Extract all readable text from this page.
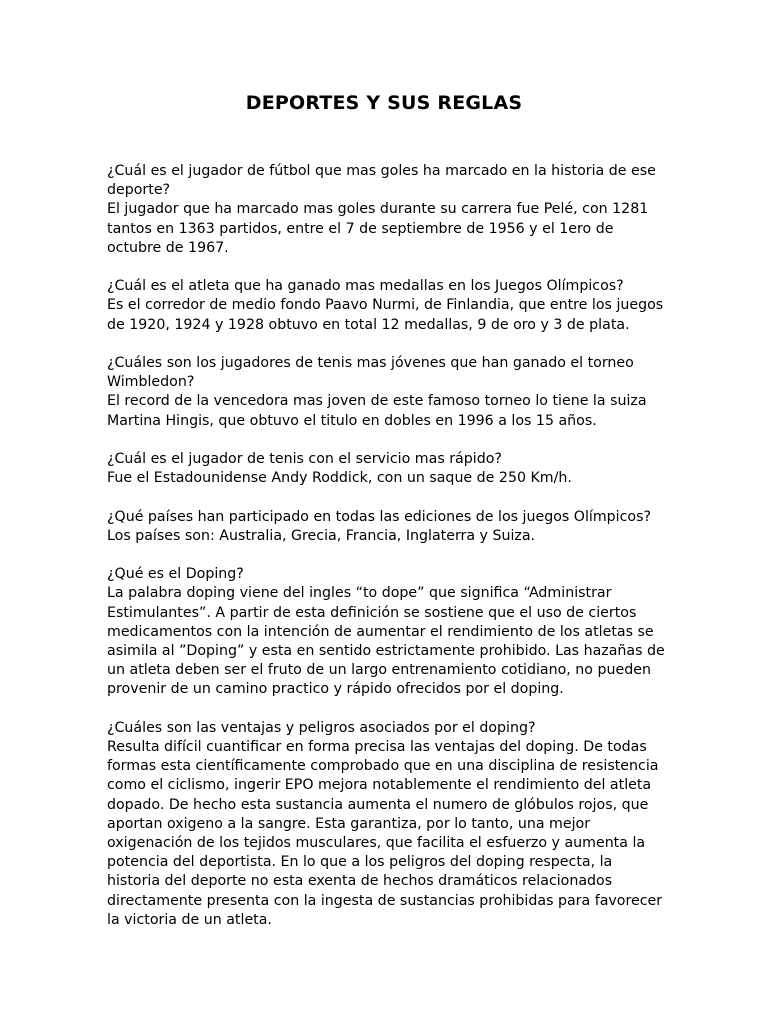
DEPORTES Y SUS REGLAS

¿Cuál es el jugador de fútbol que mas goles ha marcado en la historia de ese deporte?

El jugador que ha marcado mas goles durante su carrera fue Pelé, con 1281 tantos en 1363 partidos, entre el 7 de septiembre de 1956 y el 1ero de octubre de 1967.

¿Cuál es el atleta que ha ganado mas medallas en los Juegos Olímpicos?

Es el corredor de medio fondo Paavo Nurmi, de Finlandia, que entre los juegos de 1920, 1924 y 1928 obtuvo en total 12 medallas, 9 de oro y 3 de plata.

¿Cuáles son los jugadores de tenis mas jóvenes que han ganado el torneo Wimbledon?

El record de la vencedora mas joven de este famoso torneo lo tiene la suiza Martina Hingis, que obtuvo el titulo en dobles en 1996 a los 15 años.

¿Cuál es el jugador de tenis con el servicio mas rápido?

Fue el Estadounidense Andy Roddick, con un saque de 250 Km/h.

¿Qué países han participado en todas las ediciones de los juegos Olímpicos?

Los países son: Australia, Grecia, Francia, Inglaterra y Suiza.

¿Qué es el Doping?

La palabra doping viene del ingles “to dope” que significa “Administrar Estimulantes”. A partir de esta definición se sostiene que el uso de ciertos medicamentos con la intención de aumentar el rendimiento de los atletas se asimila al ”Doping” y esta en sentido estrictamente prohibido. Las hazañas de un atleta deben ser el fruto de un largo entrenamiento cotidiano, no pueden provenir de un camino practico y rápido ofrecidos por el doping.

¿Cuáles son las ventajas y peligros asociados por el doping?

Resulta difícil cuantificar en forma precisa las ventajas del doping. De todas formas esta científicamente comprobado que en una disciplina de resistencia como el ciclismo, ingerir EPO mejora notablemente el rendimiento del atleta dopado. De hecho esta sustancia aumenta el numero de glóbulos rojos, que aportan oxigeno a la sangre. Esta garantiza, por lo tanto, una mejor oxigenación de los tejidos musculares, que facilita el esfuerzo y aumenta la potencia del deportista. En lo que a los peligros del doping respecta, la historia del deporte no esta exenta de hechos dramáticos relacionados directamente presenta con la ingesta de sustancias prohibidas para favorecer la victoria de un atleta.
